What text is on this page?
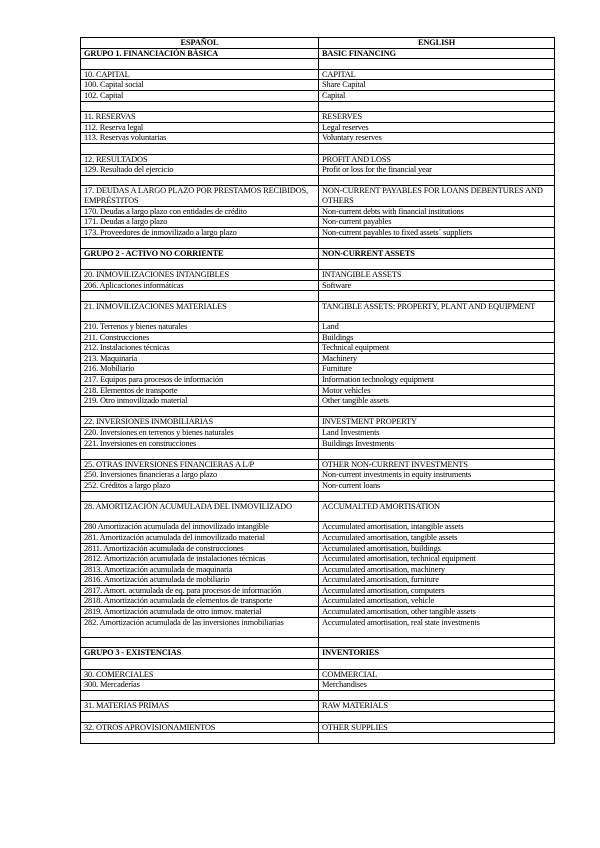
ESPAÑOL	ENGLISH
GRUPO 1. FINANCIACIÓN BÁSICA	BASIC FINANCING

10. CAPITAL	CAPITAL
100. Capital social	Share Capital
102. Capital	Capital

11. RESERVAS	RESERVES
112. Reserva legal	Legal reserves
113. Reservas voluntarias	Voluntary reserves

12. RESULTADOS	PROFIT AND LOSS
129. Resultado del ejercicio	Profit or loss for the financial year

17. DEUDAS A LARGO PLAZO POR PRESTAMOS RECIBIDOS, EMPRÉSTITOS	NON-CURRENT PAYABLES FOR LOANS DEBENTURES AND OTHERS
170. Deudas a largo plazo con entidades de crédito	Non-current debts with financial institutions
171. Deudas a largo plazo	Non-current payables
173. Proveedores de inmovilizado a largo plazo	Non-current payables to fixed assets´ suppliers

GRUPO 2 - ACTIVO NO CORRIENTE	NON-CURRENT ASSETS

20. INMOVILIZACIONES INTANGIBLES	INTANGIBLE ASSETS
206. Aplicaciones informáticas	Software

21. INMOVILIZACIONES MATERIALES	TANGIBLE ASSETS: PROPERTY, PLANT AND EQUIPMENT
210. Terrenos y bienes naturales	Land
211. Construcciones	Buildings
212. Instalaciones técnicas	Technical equipment
213. Maquinaria	Machinery
216. Mobiliario	Furniture
217. Equipos para procesos de información	Information technology equipment
218. Elementos de transporte	Motor vehicles
219. Otro inmovilizado material	Other tangible assets

22. INVERSIONES INMOBILIARIAS	INVESTMENT PROPERTY
220. Inversiones en terrenos y bienes naturales	Land Investments
221. Inversiones en construcciones	Buildings Investments

25. OTRAS INVERSIONES FINANCIERAS A L/P	OTHER NON-CURRENT INVESTMENTS
250. Inversiones financieras a largo plazo	Non-current investments in equity instruments
252. Créditos a largo plazo	Non-current loans

28. AMORTIZACIÓN ACUMULADA DEL INMOVILIZADO	ACCUMALTED AMORTISATION
280 Amortización acumulada del inmovilizado intangible	Accumulated amortisation, intangible assets
281. Amortización acumulada del inmovilizado material	Accumulated amortisation, tangible assets
2811. Amortización acumulada de construcciones	Accumulated amortisation, buildings
2812. Amortización acumulada de instalaciones técnicas	Accumulated amortisation, technical equipment
2813. Amortización acumulada de maquinaria	Accumulated amortisation, machinery
2816. Amortización acumulada de mobiliario	Accumulated amortisation, furniture
2817. Amort. acumulada de eq. para procesos de información	Accumulated amortisation, computers
2818. Amortización acumulada de elementos de transporte	Accumulated amortisation, vehicle
2819. Amortización acumulada de otro inmov. material	Accumulated amortisation, other tangible assets
282. Amortización acumulada de las inversiones inmobiliarias	Accumulated amortisation, real state investments

GRUPO 3 - EXISTENCIAS	INVENTORIES

30. COMERCIALES	COMMERCIAL
300. Mercaderías	Merchandises

31. MATERIAS PRIMAS	RAW MATERIALS

32. OTROS APROVISIONAMIENTOS	OTHER SUPPLIES
